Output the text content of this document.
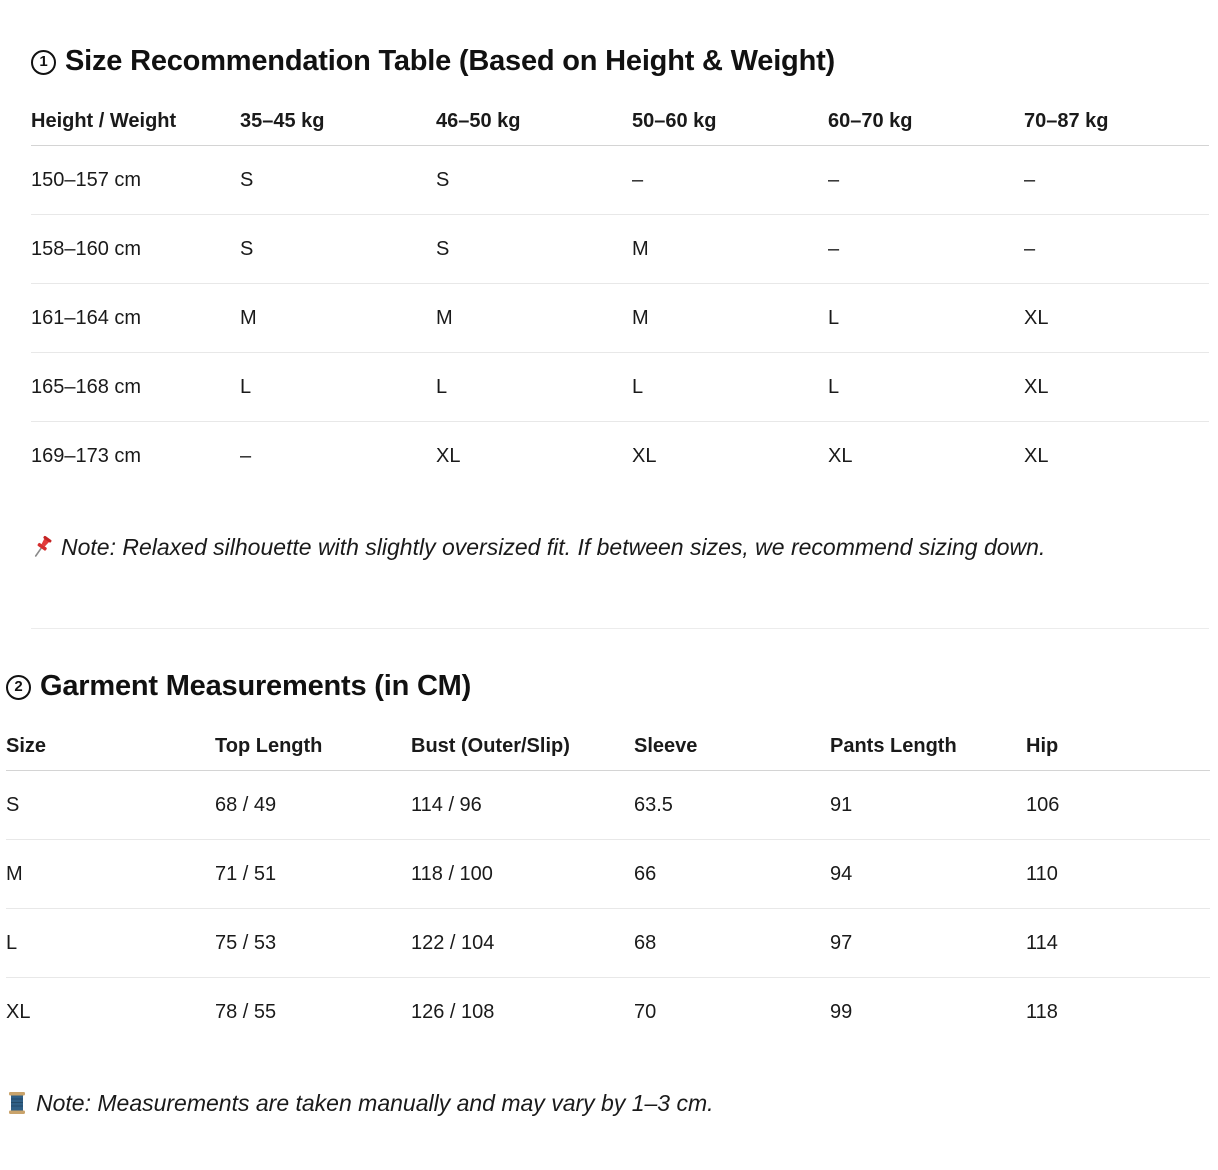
1 Size Recommendation Table (Based on Height & Weight)
Height / Weight	35–45 kg	46–50 kg	50–60 kg	60–70 kg	70–87 kg
150–157 cm	S	S	–	–	–
158–160 cm	S	S	M	–	–
161–164 cm	M	M	M	L	XL
165–168 cm	L	L	L	L	XL
169–173 cm	–	XL	XL	XL	XL
Note: Relaxed silhouette with slightly oversized fit. If between sizes, we recommend sizing down.
2 Garment Measurements (in CM)
Size	Top Length	Bust (Outer/Slip)	Sleeve	Pants Length	Hip
S	68 / 49	114 / 96	63.5	91	106
M	71 / 51	118 / 100	66	94	110
L	75 / 53	122 / 104	68	97	114
XL	78 / 55	126 / 108	70	99	118
Note: Measurements are taken manually and may vary by 1–3 cm.
